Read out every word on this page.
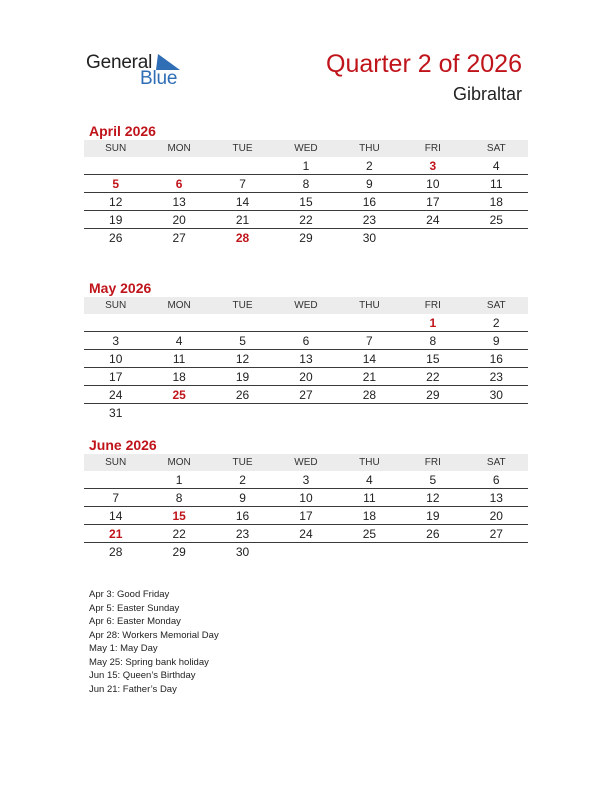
General
Blue
Quarter 2 of 2026
Gibraltar
April 2026
SUN	MON	TUE	WED	THU	FRI	SAT
			1	2	3	4
5	6	7	8	9	10	11
12	13	14	15	16	17	18
19	20	21	22	23	24	25
26	27	28	29	30		
May 2026
SUN	MON	TUE	WED	THU	FRI	SAT
					1	2
3	4	5	6	7	8	9
10	11	12	13	14	15	16
17	18	19	20	21	22	23
24	25	26	27	28	29	30
31						
June 2026
SUN	MON	TUE	WED	THU	FRI	SAT
	1	2	3	4	5	6
7	8	9	10	11	12	13
14	15	16	17	18	19	20
21	22	23	24	25	26	27
28	29	30				
Apr 3: Good Friday
Apr 5: Easter Sunday
Apr 6: Easter Monday
Apr 28: Workers Memorial Day
May 1: May Day
May 25: Spring bank holiday
Jun 15: Queen’s Birthday
Jun 21: Father’s Day
